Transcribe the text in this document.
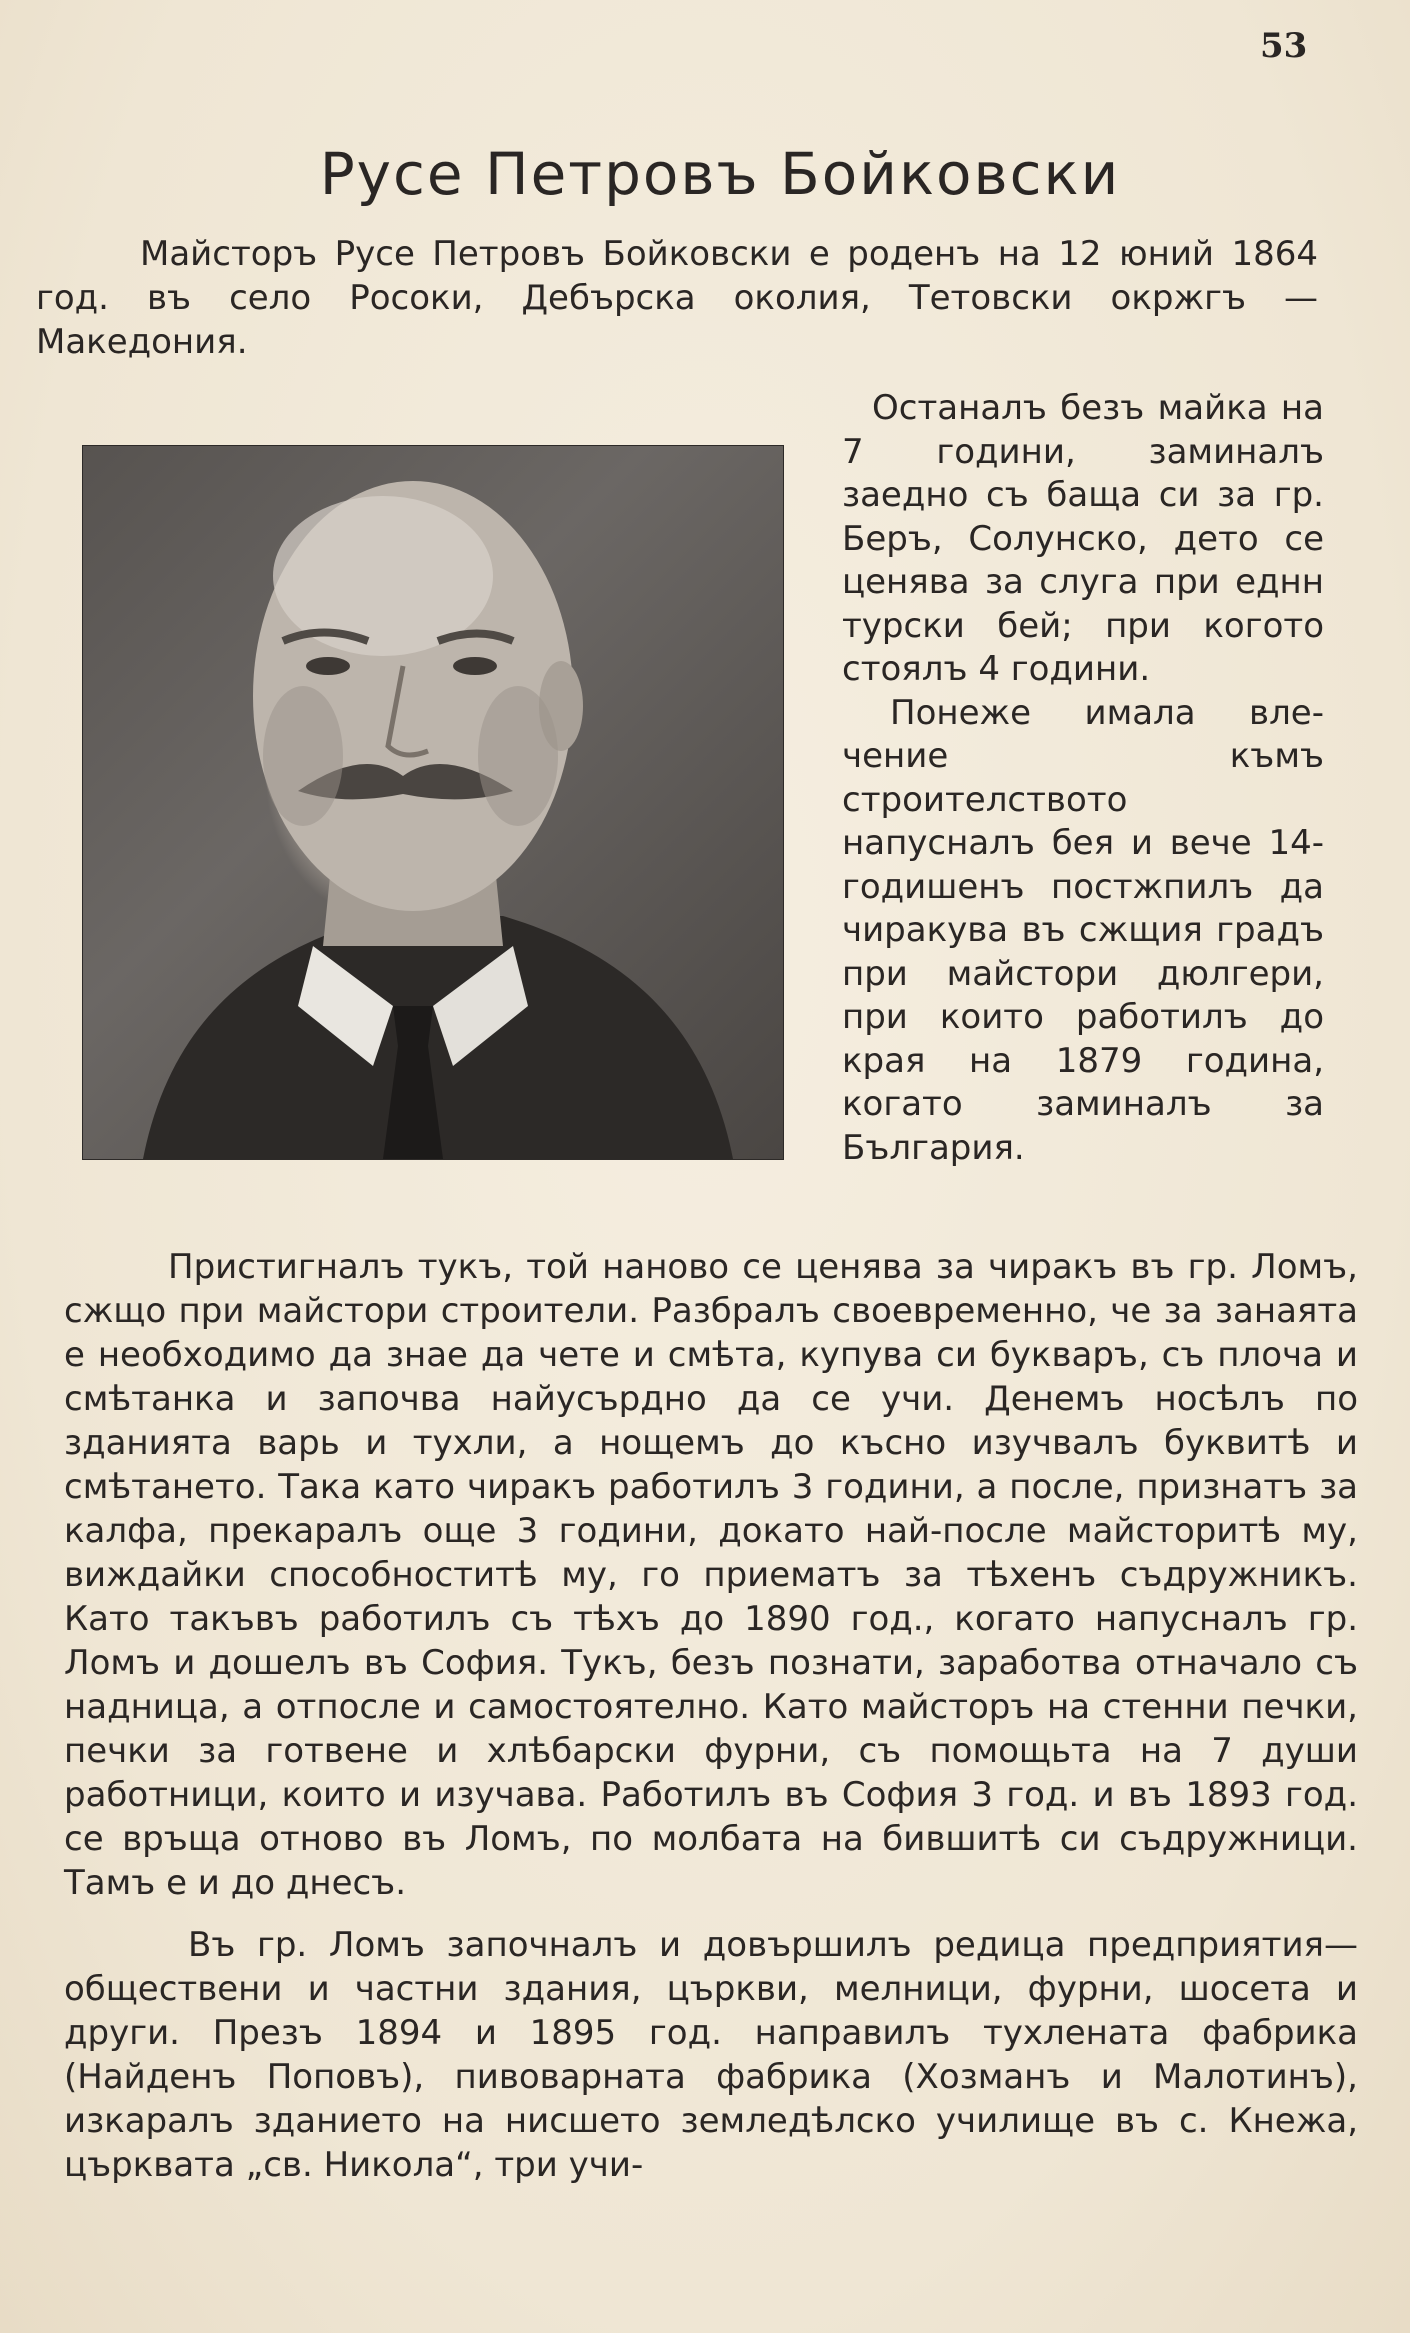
53
Русе Петровъ Бойковски
Майсторъ Русе Петровъ Бойковски е роденъ на 12 юний 1864 год. въ село Росоки, Дебърска околия, Тетовски окржгъ — Македония.

Останалъ безъ майка на 7 години, заминалъ заедно съ баща си за гр. Беръ, Солунско, дето се ценява за слуга при еднн турски бей; при когото стоялъ 4 години.

Понеже имала вле-чение къмъ строителството напусналъ бея и вече 14-годишенъ постжпилъ да чиракува въ сжщия градъ при майстори дюлгери, при които работилъ до края на 1879 година, когато заминалъ за България.

Пристигналъ тукъ, той наново се ценява за чиракъ въ гр. Ломъ, сжщо при майстори строители. Разбралъ своевременно, че за занаята е необходимо да знае да чете и смѣта, купува си букваръ, съ плоча и смѣтанка и започва найусърдно да се учи. Денемъ носѣлъ по зданията варь и тухли, а нощемъ до късно изучвалъ буквитѣ и смѣтането. Така като чиракъ работилъ 3 години, а после, признатъ за калфа, прекаралъ още 3 години, докато най-после майсторитѣ му, виждайки способноститѣ му, го приематъ за тѣхенъ съдружникъ. Като такъвъ работилъ съ тѣхъ до 1890 год., когато напусналъ гр. Ломъ и дошелъ въ София. Тукъ, безъ познати, заработва отначало съ надница, а отпосле и самостоятелно. Като майсторъ на стенни печки, печки за готвене и хлѣбарски фурни, съ помощьта на 7 души работници, които и изучава. Работилъ въ София 3 год. и въ 1893 год. се връща отново въ Ломъ, по молбата на бившитѣ си съдружници. Тамъ е и до днесъ.

Въ гр. Ломъ започналъ и довършилъ редица предприятия—обществени и частни здания, църкви, мелници, фурни, шосета и други. Презъ 1894 и 1895 год. направилъ тухлената фабрика (Найденъ Поповъ), пивоварната фабрика (Хозманъ и Малотинъ), изкаралъ зданието на нисшето земледѣлско училище въ с. Кнежа, църквата „св. Никола“, три учи-
